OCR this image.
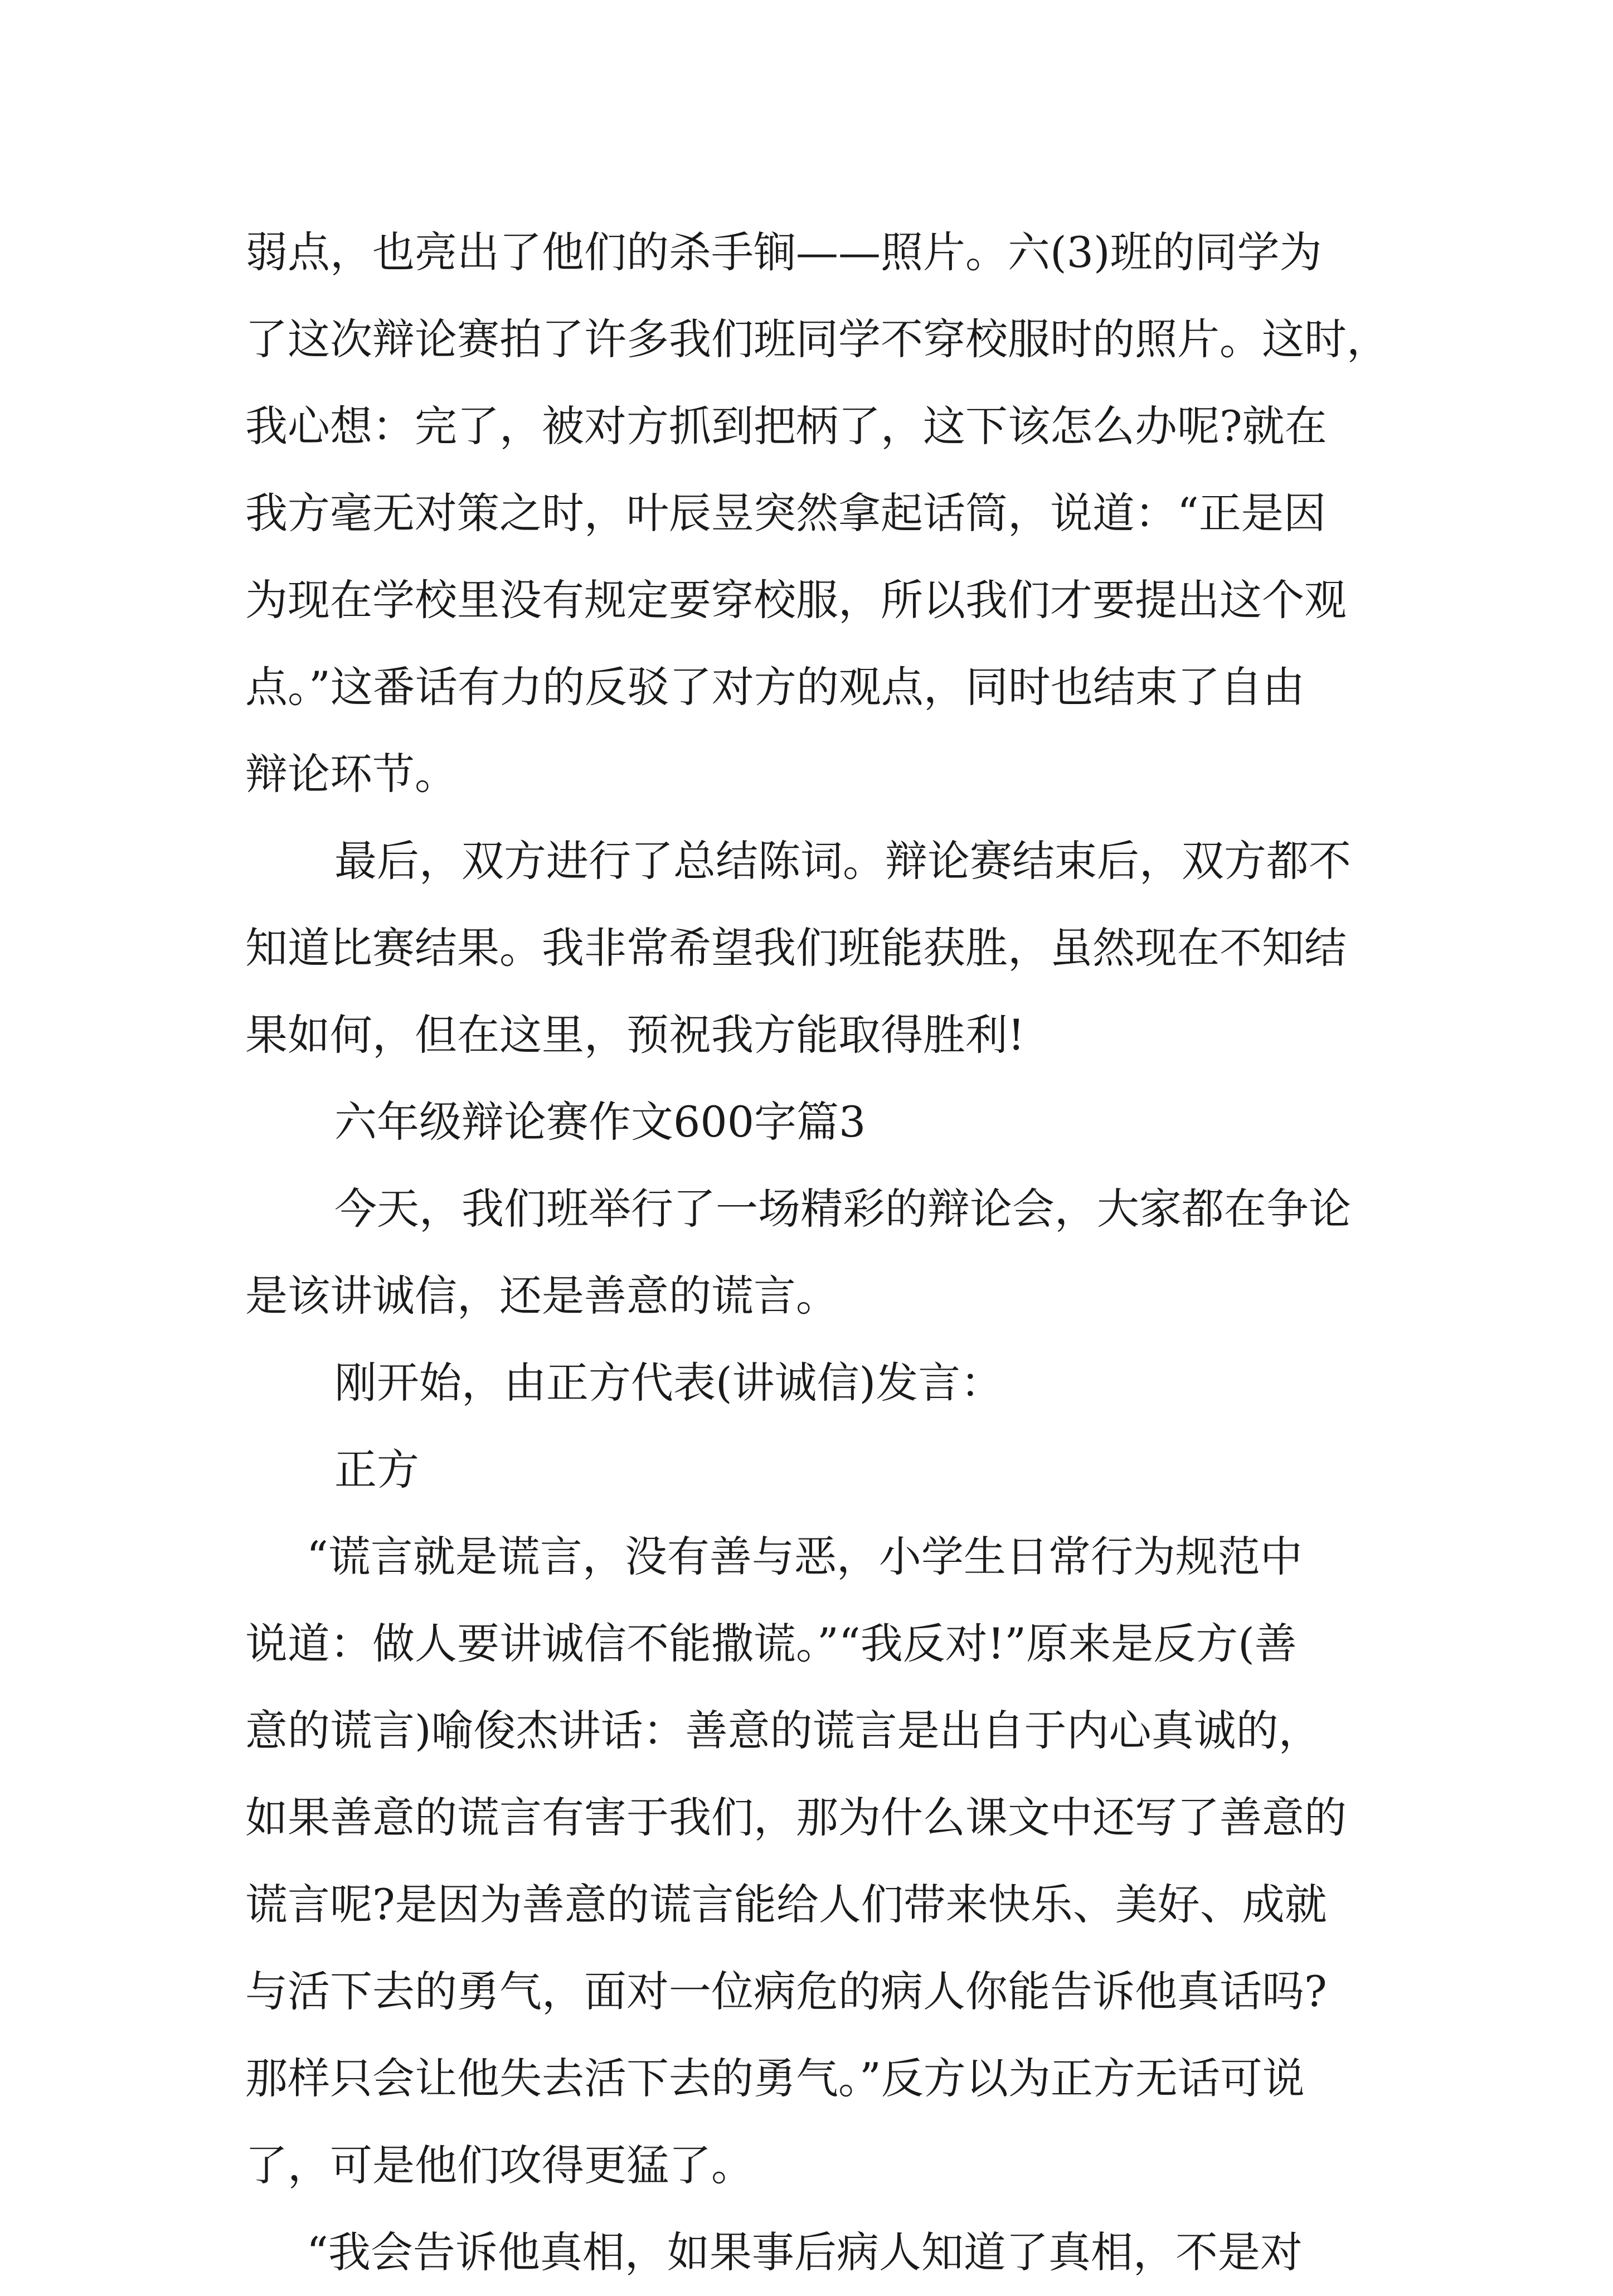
弱点，也亮出了他们的杀手锏——照片。六(3)班的同学为

了这次辩论赛拍了许多我们班同学不穿校服时的照片。这时，

我心想：完了，被对方抓到把柄了，这下该怎么办呢?就在

我方毫无对策之时，叶辰昱突然拿起话筒，说道：“正是因

为现在学校里没有规定要穿校服，所以我们才要提出这个观

点。”这番话有力的反驳了对方的观点，同时也结束了自由

辩论环节。

最后，双方进行了总结陈词。辩论赛结束后，双方都不

知道比赛结果。我非常希望我们班能获胜，虽然现在不知结

果如何，但在这里，预祝我方能取得胜利!

六年级辩论赛作文600字篇3

今天，我们班举行了一场精彩的辩论会，大家都在争论

是该讲诚信，还是善意的谎言。

刚开始，由正方代表(讲诚信)发言：

正方

“谎言就是谎言，没有善与恶，小学生日常行为规范中

说道：做人要讲诚信不能撒谎。”“我反对!”原来是反方(善

意的谎言)喻俊杰讲话：善意的谎言是出自于内心真诚的，

如果善意的谎言有害于我们，那为什么课文中还写了善意的

谎言呢?是因为善意的谎言能给人们带来快乐、美好、成就

与活下去的勇气，面对一位病危的病人你能告诉他真话吗?

那样只会让他失去活下去的勇气。”反方以为正方无话可说

了，可是他们攻得更猛了。

“我会告诉他真相，如果事后病人知道了真相，不是对
